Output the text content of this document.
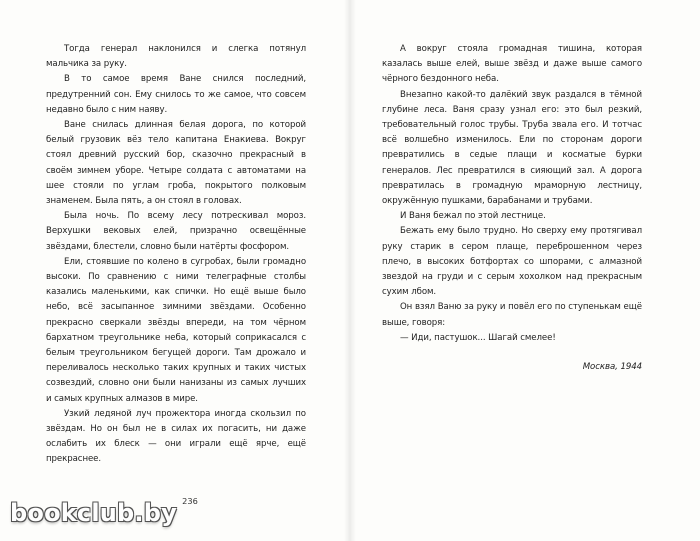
Тогда генерал наклонился и слегка потянул мальчика за руку.

В то самое время Ване снился последний, предутренний сон. Ему снилось то же самое, что совсем недавно было с ним наяву.

Ване снилась длинная белая дорога, по которой белый грузовик вёз тело капитана Енакиева. Вокруг стоял древний русский бор, сказочно прекрасный в своём зимнем уборе. Четыре солдата с автоматами на шее стояли по углам гроба, покрытого полковым знаменем. Была пять, а он стоял в головах.

Была ночь. По всему лесу потрескивал мороз. Верхушки вековых елей, призрачно освещённые звёздами, блестели, словно были натёрты фосфором.

Ели, стоявшие по колено в сугробах, были громадно высоки. По сравнению с ними телеграфные столбы казались маленькими, как спички. Но ещё выше было небо, всё засыпанное зимними звёздами. Особенно прекрасно сверкали звёзды впереди, на том чёрном бархатном треугольнике неба, который соприкасался с белым треугольником бегущей дороги. Там дрожало и переливалось несколько таких крупных и таких чистых созвездий, словно они были нанизаны из самых лучших и самых крупных алмазов в мире.

Узкий ледяной луч прожектора иногда скользил по звёздам. Но он был не в силах их погасить, ни даже ослабить их блеск — они играли ещё ярче, ещё прекраснее.

236

А вокруг стояла громадная тишина, которая казалась выше елей, выше звёзд и даже выше самого чёрного бездонного неба.

Внезапно какой-то далёкий звук раздался в тёмной глубине леса. Ваня сразу узнал его: это был резкий, требовательный голос трубы. Труба звала его. И тотчас всё волшебно изменилось. Ели по сторонам дороги превратились в седые плащи и косматые бурки генералов. Лес превратился в сияющий зал. А дорога превратилась в громадную мраморную лестницу, окружённую пушками, барабанами и трубами.

И Ваня бежал по этой лестнице.

Бежать ему было трудно. Но сверху ему протягивал руку старик в сером плаще, переброшенном через плечо, в высоких ботфортах со шпорами, с алмазной звездой на груди и с серым хохолком над прекрасным сухим лбом.

Он взял Ваню за руку и повёл его по ступенькам ещё выше, говоря:

— Иди, пастушок... Шагай смелее!

Москва, 1944

bookclub.by
